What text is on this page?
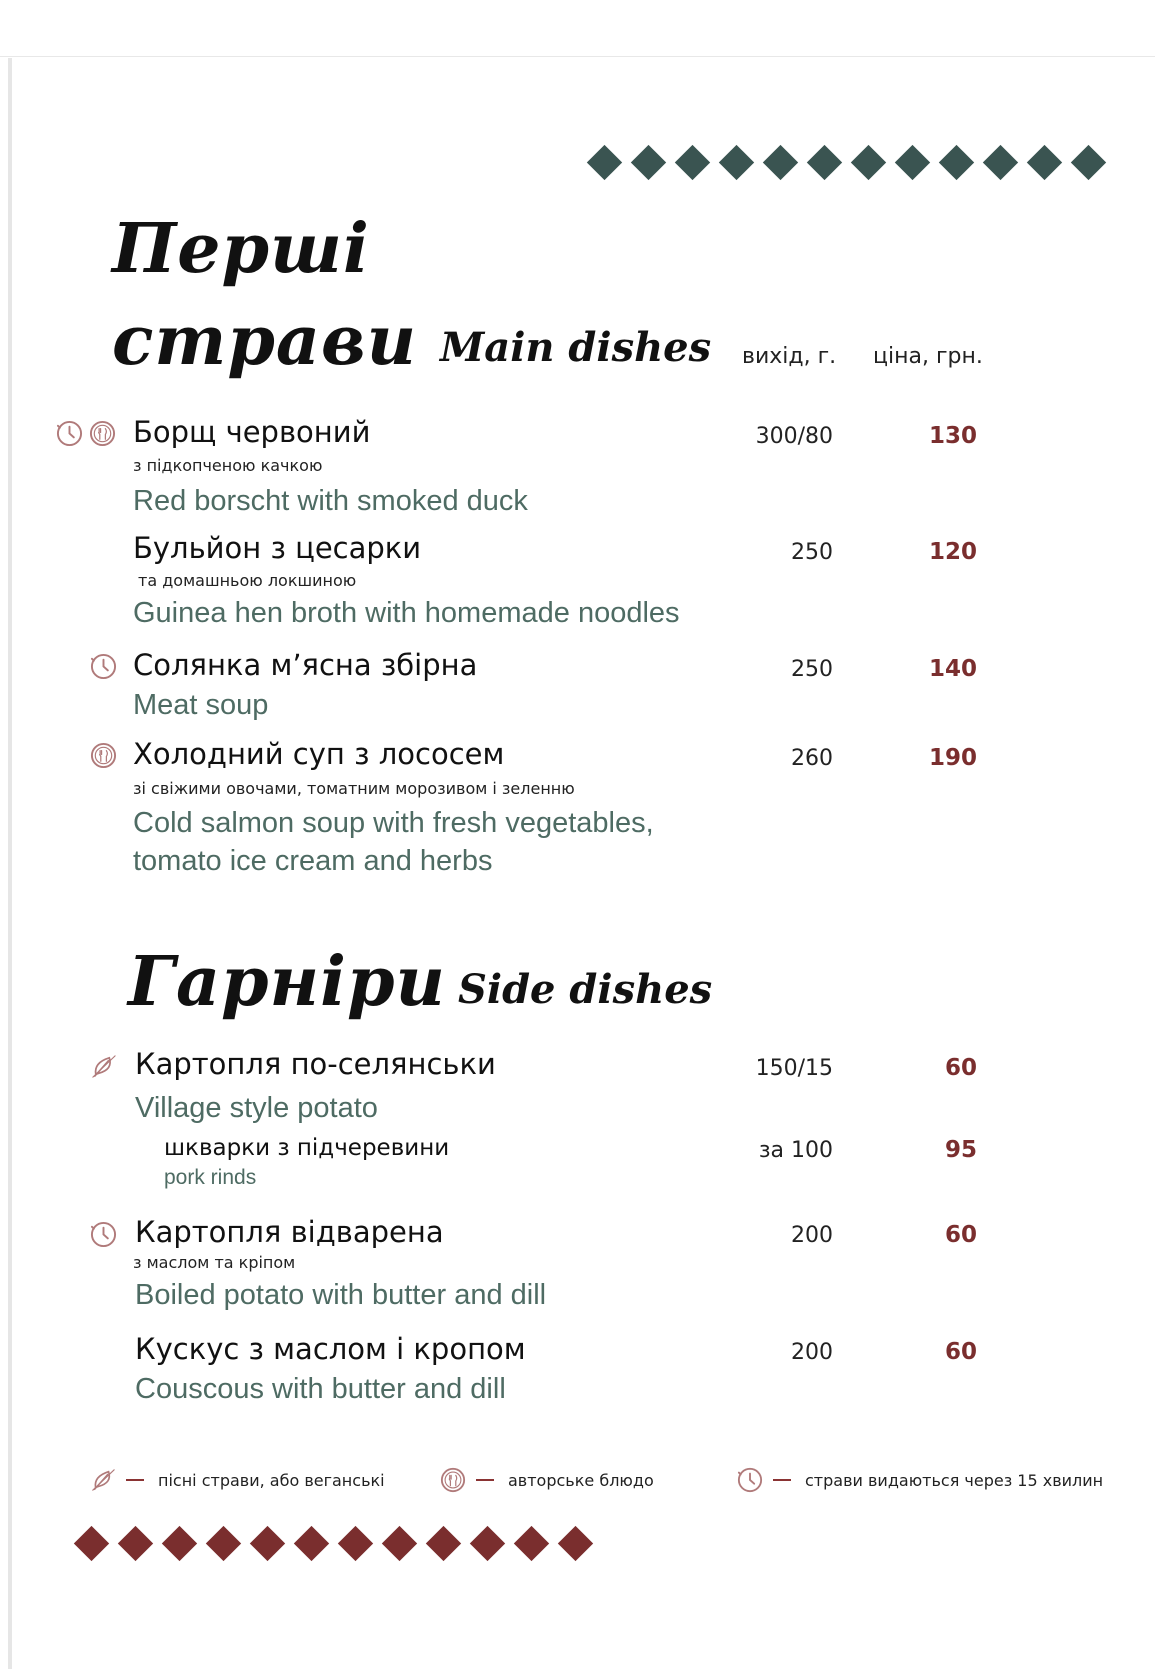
Перші
страви Main dishes вихід, г. ціна, грн.
Борщ червоний
з підкопченою качкою
Red borscht with smoked duck
300/80	130
Бульйон з цесарки
та домашньою локшиною
Guinea hen broth with homemade noodles
250	120
Солянка м’ясна збірна
Meat soup
250	140
Холодний суп з лососем
зі свіжими овочами, томатним морозивом і зеленню
Cold salmon soup with fresh vegetables,
tomato ice cream and herbs
260	190
Гарніри Side dishes
Картопля по-селянськи
Village style potato
150/15	60
шкварки з підчеревини
pork rinds
за 100	95
Картопля відварена
з маслом та кріпом
Boiled potato with butter and dill
200	60
Кускус з маслом і кропом
Couscous with butter and dill
200	60
пісні страви, або веганські	авторське блюдо	страви видаються через 15 хвилин
